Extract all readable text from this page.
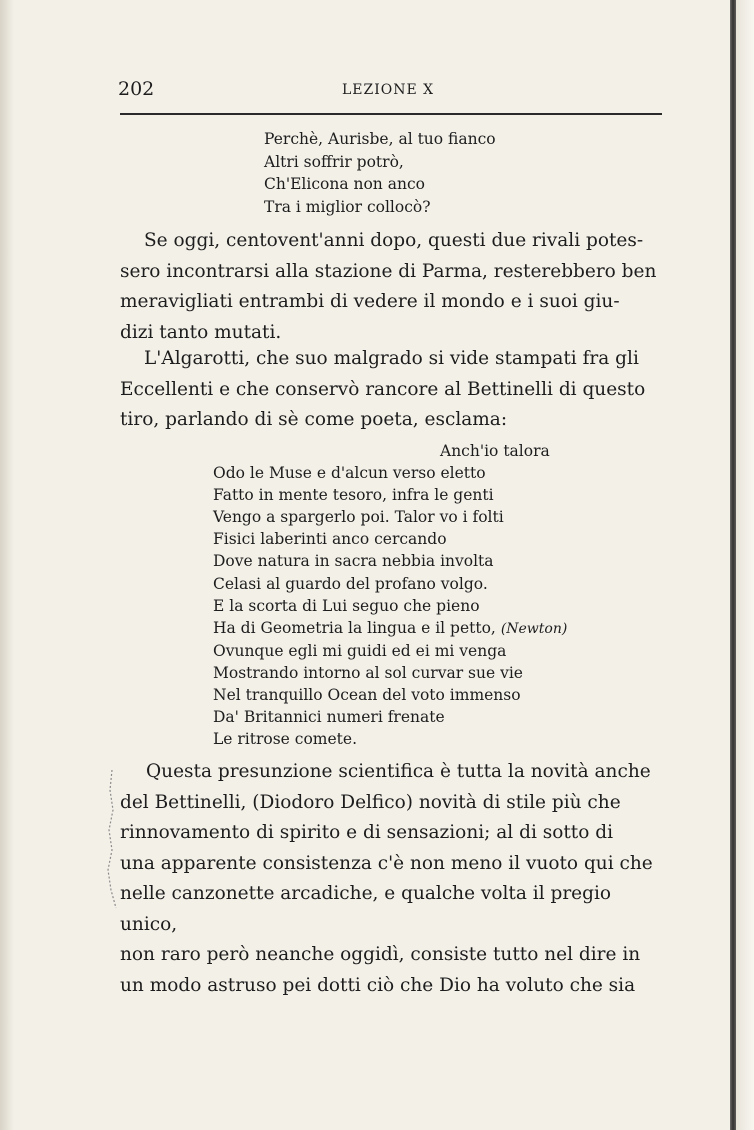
202	LEZIONE X
Perchè, Aurisbe, al tuo fianco
Altri soffrir potrò,
Ch'Elicona non anco
Tra i miglior collocò?
Se oggi, centovent'anni dopo, questi due rivali potes-
sero incontrarsi alla stazione di Parma, resterebbero ben
meravigliati entrambi di vedere il mondo e i suoi giu-
dizi tanto mutati.
L'Algarotti, che suo malgrado si vide stampati fra gli
Eccellenti e che conservò rancore al Bettinelli di questo
tiro, parlando di sè come poeta, esclama:
Anch'io talora
Odo le Muse e d'alcun verso eletto
Fatto in mente tesoro, infra le genti
Vengo a spargerlo poi. Talor vo i folti
Fisici laberinti anco cercando
Dove natura in sacra nebbia involta
Celasi al guardo del profano volgo.
E la scorta di Lui seguo che pieno
Ha di Geometria la lingua e il petto, (Newton)
Ovunque egli mi guidi ed ei mi venga
Mostrando intorno al sol curvar sue vie
Nel tranquillo Ocean del voto immenso
Da' Britannici numeri frenate
Le ritrose comete.
Questa presunzione scientifica è tutta la novità anche
del Bettinelli, (Diodoro Delfico) novità di stile più che
rinnovamento di spirito e di sensazioni; al di sotto di
una apparente consistenza c'è non meno il vuoto qui che
nelle canzonette arcadiche, e qualche volta il pregio unico,
non raro però neanche oggidì, consiste tutto nel dire in
un modo astruso pei dotti ciò che Dio ha voluto che sia
